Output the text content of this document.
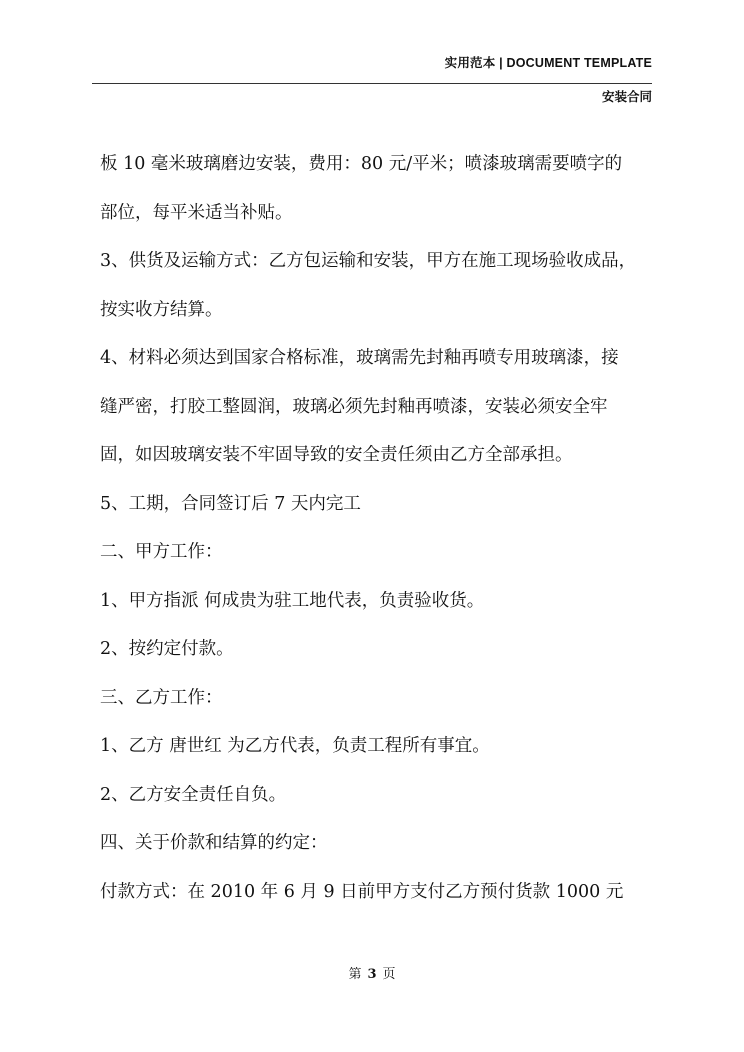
实用范本 | DOCUMENT TEMPLATE
安装合同

板 10 毫米玻璃磨边安装，费用：80 元/平米；喷漆玻璃需要喷字的

部位，每平米适当补贴。

3、供货及运输方式：乙方包运输和安装，甲方在施工现场验收成品，

按实收方结算。

4、材料必须达到国家合格标准，玻璃需先封釉再喷专用玻璃漆，接

缝严密，打胶工整圆润，玻璃必须先封釉再喷漆，安装必须安全牢

固，如因玻璃安装不牢固导致的安全责任须由乙方全部承担。

5、工期，合同签订后 7 天内完工

二、甲方工作：

1、甲方指派 何成贵为驻工地代表，负责验收货。

2、按约定付款。

三、乙方工作：

1、乙方 唐世红 为乙方代表，负责工程所有事宜。

2、乙方安全责任自负。

四、关于价款和结算的约定：

付款方式：在 2010 年 6 月 9 日前甲方支付乙方预付货款 1000 元

第 3 页
